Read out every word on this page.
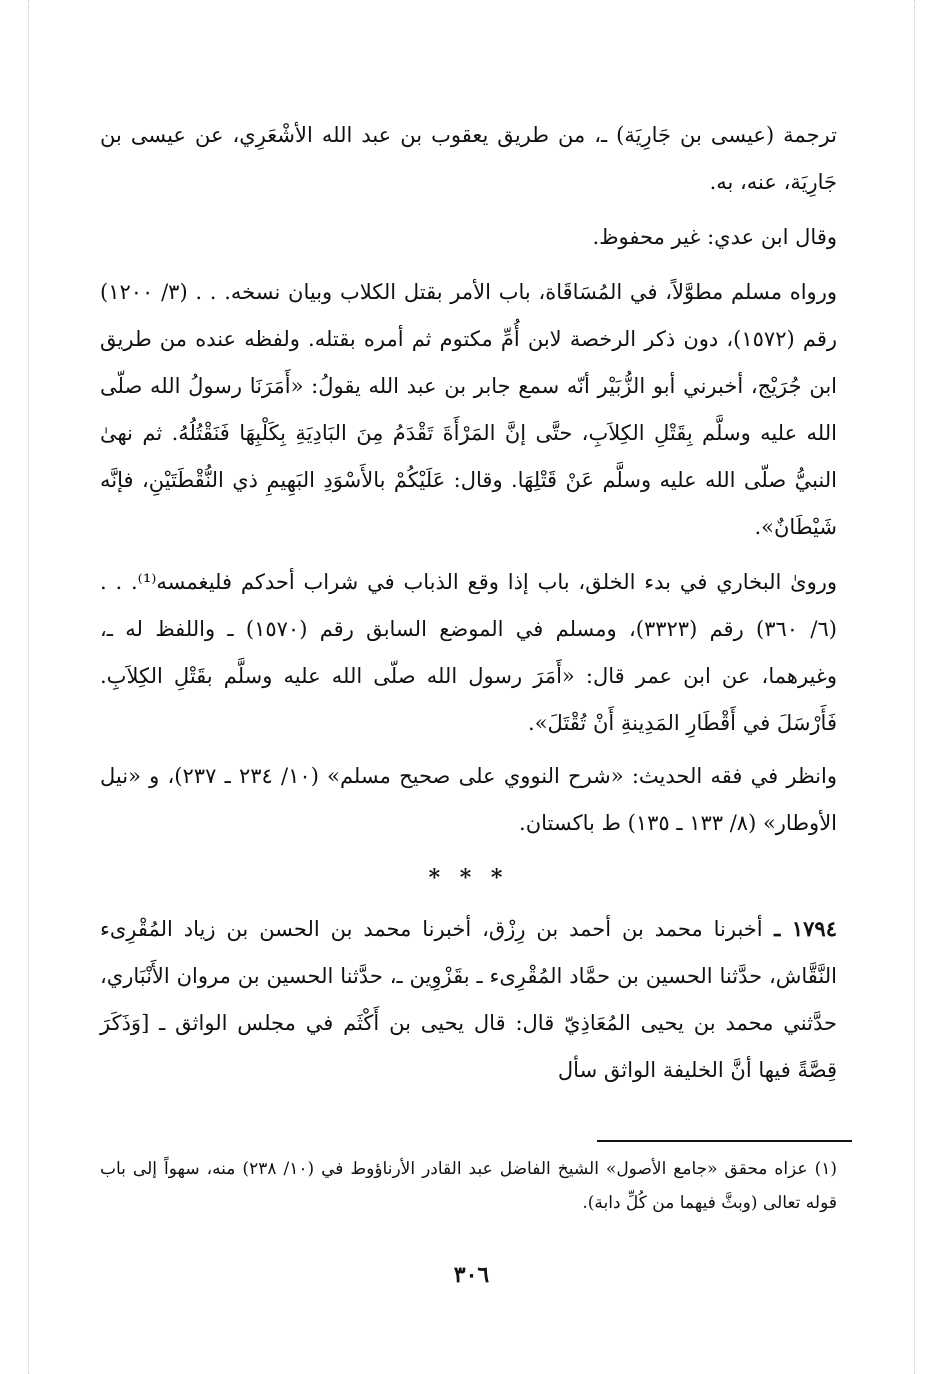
ترجمة (عيسى بن جَارِيَة) ـ، من طريق يعقوب بن عبد الله الأشْعَرِي، عن عيسى بن جَارِيَة، عنه، به.

وقال ابن عدي: غير محفوظ.

ورواه مسلم مطوَّلاً، في المُسَاقَاة، باب الأمر بقتل الكلاب وبيان نسخه. . . (٣/ ١٢٠٠) رقم (١٥٧٢)، دون ذكر الرخصة لابن أُمِّ مكتوم ثم أمره بقتله. ولفظه عنده من طريق ابن جُرَيْج، أخبرني أبو الزُّبَيْر أنّه سمع جابر بن عبد الله يقولُ: «أَمَرَنَا رسولُ الله صلّى الله عليه وسلَّم بِقَتْلِ الكِلاَبِ، حتَّى إنَّ المَرْأَةَ تَقْدَمُ مِنَ البَادِيَةِ بِكَلْبِهَا فَنَقْتُلُهُ. ثم نهىٰ النبيُّ صلّى الله عليه وسلَّم عَنْ قَتْلِهَا. وقال: عَلَيْكُمْ بالأَسْوَدِ البَهِيمِ ذي النُّقْطَتَيْنِ، فإنَّه شَيْطَانٌ».

ورویٰ البخاري في بدء الخلق، باب إذا وقع الذباب في شراب أحدكم فليغمسه⁽¹⁾. . . (٦/ ٣٦٠) رقم (٣٣٢٣)، ومسلم في الموضع السابق رقم (١٥٧٠) ـ واللفظ له ـ، وغيرهما، عن ابن عمر قال: «أَمَرَ رسول الله صلّى الله عليه وسلَّم بقَتْلِ الكِلاَبِ. فَأَرْسَلَ في أَقْطَارِ المَدِينةِ أَنْ تُقْتَلَ».

وانظر في فقه الحديث: «شرح النووي على صحيح مسلم» (١٠/ ٢٣٤ ـ ٢٣٧)، و «نيل الأوطار» (٨/ ١٣٣ ـ ١٣٥) ط باكستان.

* * *

١٧٩٤ ـ أخبرنا محمد بن أحمد بن رِزْق، أخبرنا محمد بن الحسن بن زياد المُقْرِىء النَّقَّاش، حدَّثنا الحسين بن حمَّاد المُقْرِىء ـ بقَزْوِين ـ، حدَّثنا الحسين بن مروان الأَنْبَاري، حدَّثني محمد بن يحيى المُعَاذِيّ قال: قال يحيى بن أَكْثَم في مجلس الواثق ـ [وَذَكَرَ قِصَّةً فيها أنَّ الخليفة الواثق سأل

(١) عزاه محقق «جامع الأصول» الشيخ الفاضل عبد القادر الأرناؤوط في (١٠/ ٢٣٨) منه، سهواً إلى باب قوله تعالى (وبثَّ فيهما من كُلِّ دابة).
٣٠٦
